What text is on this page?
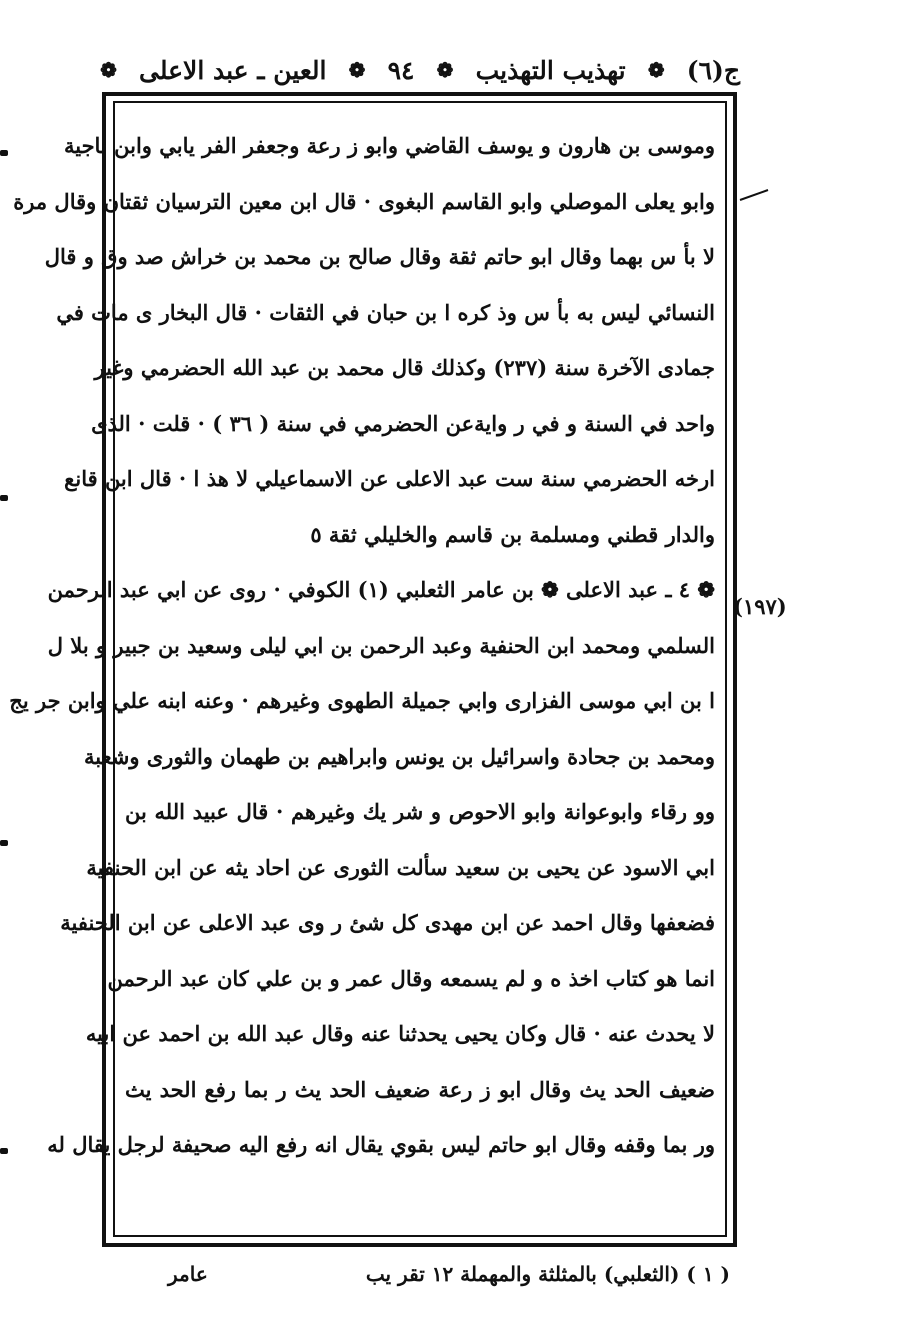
ج(٦)
❁
تهذيب التهذيب
❁
٩٤
❁
العين ـ عبد الاعلى
❁
وموسى بن هارون و يوسف القاضي وابو ز رعة وجعفر الفر يابي وابن ناجية
وابو يعلى الموصلي وابو القاسم البغوى · قال ابن معين الترسيان ثقتان وقال مرة
لا بأ س بهما وقال ابو حاتم ثقة وقال صالح بن محمد بن خراش صد وق و قال
النسائي ليس به بأ س وذ كره ا بن حبان في الثقات · قال البخار ى مات في
جمادى الآخرة سنة (٢٣٧) وكذلك قال محمد بن عبد الله الحضرمي وغير
واحد في السنة و في ر وايةعن الحضرمي في سنة ( ٣٦ ) · قلت · الذى
ارخه الحضرمي سنة ست عبد الاعلى عن الاسماعيلي لا هذ ا · قال ابن قانع
والدار قطني ومسلمة بن قاسم والخليلي ثقة ٥
❁ ٤ ـ عبد الاعلى ❁ بن عامر الثعلبي (١) الكوفي · روى عن ابي عبد الرحمن
السلمي ومحمد ابن الحنفية وعبد الرحمن بن ابي ليلى وسعيد بن جبير و بلا ل
ا بن ابي موسى الفزارى وابي جميلة الطهوى وغيرهم · وعنه ابنه علي وابن جر يج
ومحمد بن جحادة واسرائيل بن يونس وابراهيم بن طهمان والثورى وشعبة
وو رقاء وابوعوانة وابو الاحوص و شر يك وغيرهم · قال عبيد الله بن
ابي الاسود عن يحيى بن سعيد سألت الثورى عن احاد يثه عن ابن الحنفية
فضعفها وقال احمد عن ابن مهدى كل شئ ر وى عبد الاعلى عن ابن الحنفية
انما هو كتاب اخذ ه و لم يسمعه وقال عمر و بن علي كان عبد الرحمن
لا يحدث عنه · قال وكان يحيى يحدثنا عنه وقال عبد الله بن احمد عن ابيه
ضعيف الحد يث وقال ابو ز رعة ضعيف الحد يث ر بما رفع الحد يث
ور بما وقفه وقال ابو حاتم ليس بقوي يقال انه رفع اليه صحيفة لرجل يقال له
(١٩٧)
( ١ ) (الثعلبي) بالمثلثة والمهملة ١٢ تقر يب
عامر
